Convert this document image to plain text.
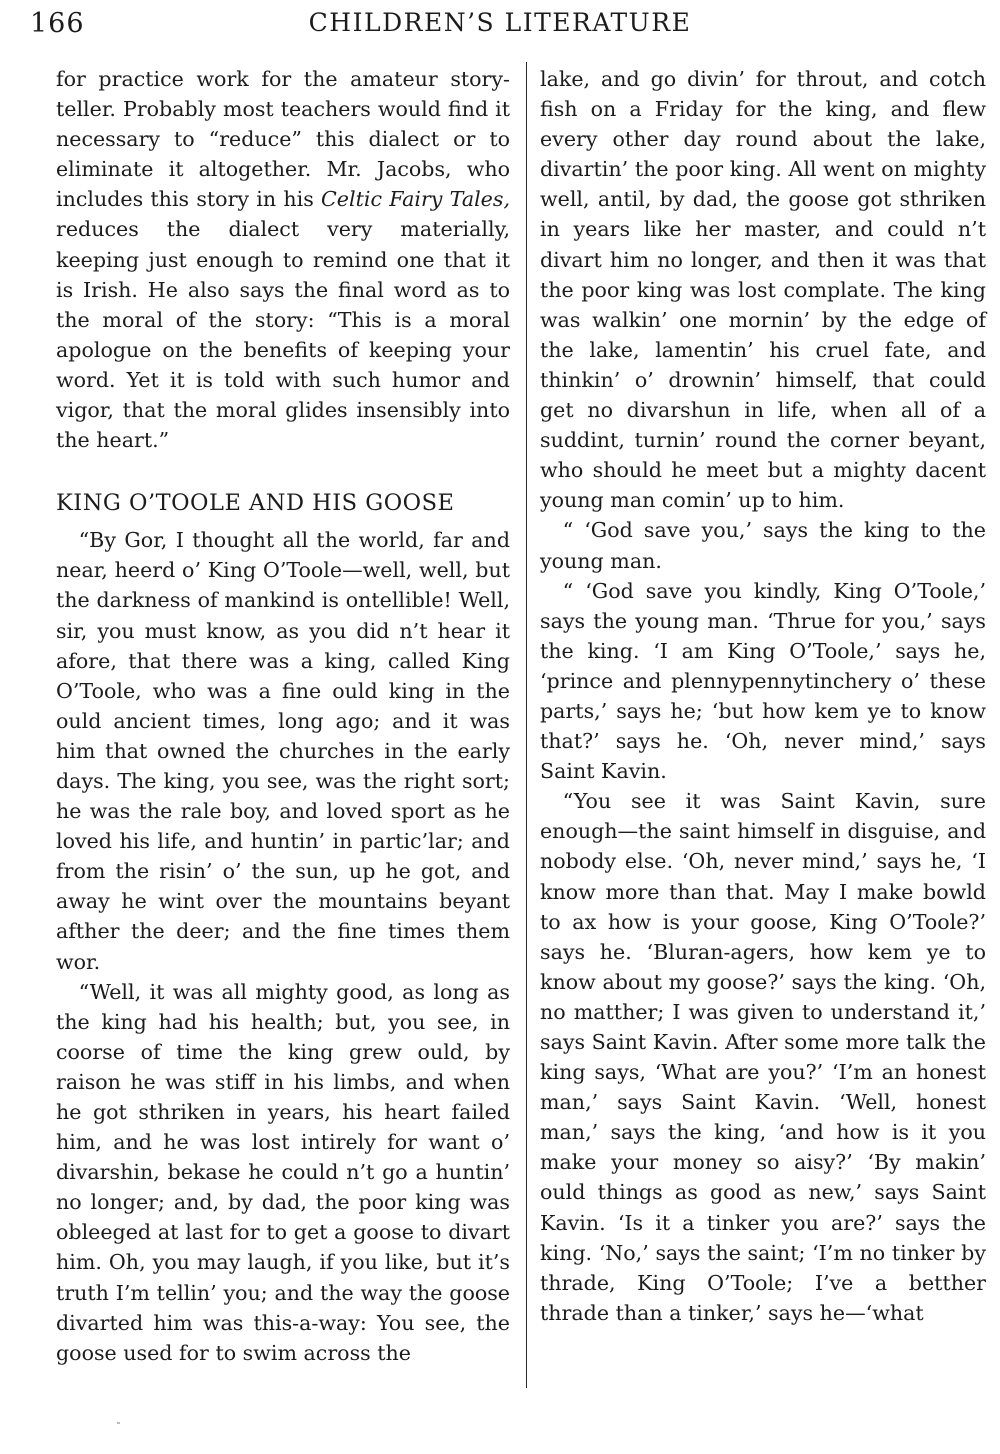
166	CHILDREN’S LITERATURE

for practice work for the amateur story-teller. Probably most teachers would find it necessary to “reduce” this dialect or to eliminate it altogether. Mr. Jacobs, who includes this story in his Celtic Fairy Tales, reduces the dialect very materially, keeping just enough to remind one that it is Irish. He also says the final word as to the moral of the story: “This is a moral apologue on the benefits of keeping your word. Yet it is told with such humor and vigor, that the moral glides insensibly into the heart.”

KING O’TOOLE AND HIS GOOSE

“By Gor, I thought all the world, far and near, heerd o’ King O’Toole—well, well, but the darkness of mankind is ontellible! Well, sir, you must know, as you did n’t hear it afore, that there was a king, called King O’Toole, who was a fine ould king in the ould ancient times, long ago; and it was him that owned the churches in the early days. The king, you see, was the right sort; he was the rale boy, and loved sport as he loved his life, and huntin’ in partic’lar; and from the risin’ o’ the sun, up he got, and away he wint over the mountains beyant afther the deer; and the fine times them wor.

“Well, it was all mighty good, as long as the king had his health; but, you see, in coorse of time the king grew ould, by raison he was stiff in his limbs, and when he got sthriken in years, his heart failed him, and he was lost intirely for want o’ divarshin, bekase he could n’t go a huntin’ no longer; and, by dad, the poor king was obleeged at last for to get a goose to divart him. Oh, you may laugh, if you like, but it’s truth I’m tellin’ you; and the way the goose divarted him was this-a-way: You see, the goose used for to swim across the

lake, and go divin’ for throut, and cotch fish on a Friday for the king, and flew every other day round about the lake, divartin’ the poor king. All went on mighty well, antil, by dad, the goose got sthriken in years like her master, and could n’t divart him no longer, and then it was that the poor king was lost complate. The king was walkin’ one mornin’ by the edge of the lake, lamentin’ his cruel fate, and thinkin’ o’ drownin’ himself, that could get no divarshun in life, when all of a suddint, turnin’ round the corner beyant, who should he meet but a mighty dacent young man comin’ up to him.

“ ‘God save you,’ says the king to the young man.

“ ‘God save you kindly, King O’Toole,’ says the young man. ‘Thrue for you,’ says the king. ‘I am King O’Toole,’ says he, ‘prince and plennypennytinchery o’ these parts,’ says he; ‘but how kem ye to know that?’ says he. ‘Oh, never mind,’ says Saint Kavin.

“You see it was Saint Kavin, sure enough—the saint himself in disguise, and nobody else. ‘Oh, never mind,’ says he, ‘I know more than that. May I make bowld to ax how is your goose, King O’Toole?’ says he. ‘Bluran-agers, how kem ye to know about my goose?’ says the king. ‘Oh, no matther; I was given to understand it,’ says Saint Kavin. After some more talk the king says, ‘What are you?’ ‘I’m an honest man,’ says Saint Kavin. ‘Well, honest man,’ says the king, ‘and how is it you make your money so aisy?’ ‘By makin’ ould things as good as new,’ says Saint Kavin. ‘Is it a tinker you are?’ says the king. ‘No,’ says the saint; ‘I’m no tinker by thrade, King O’Toole; I’ve a betther thrade than a tinker,’ says he—‘what
